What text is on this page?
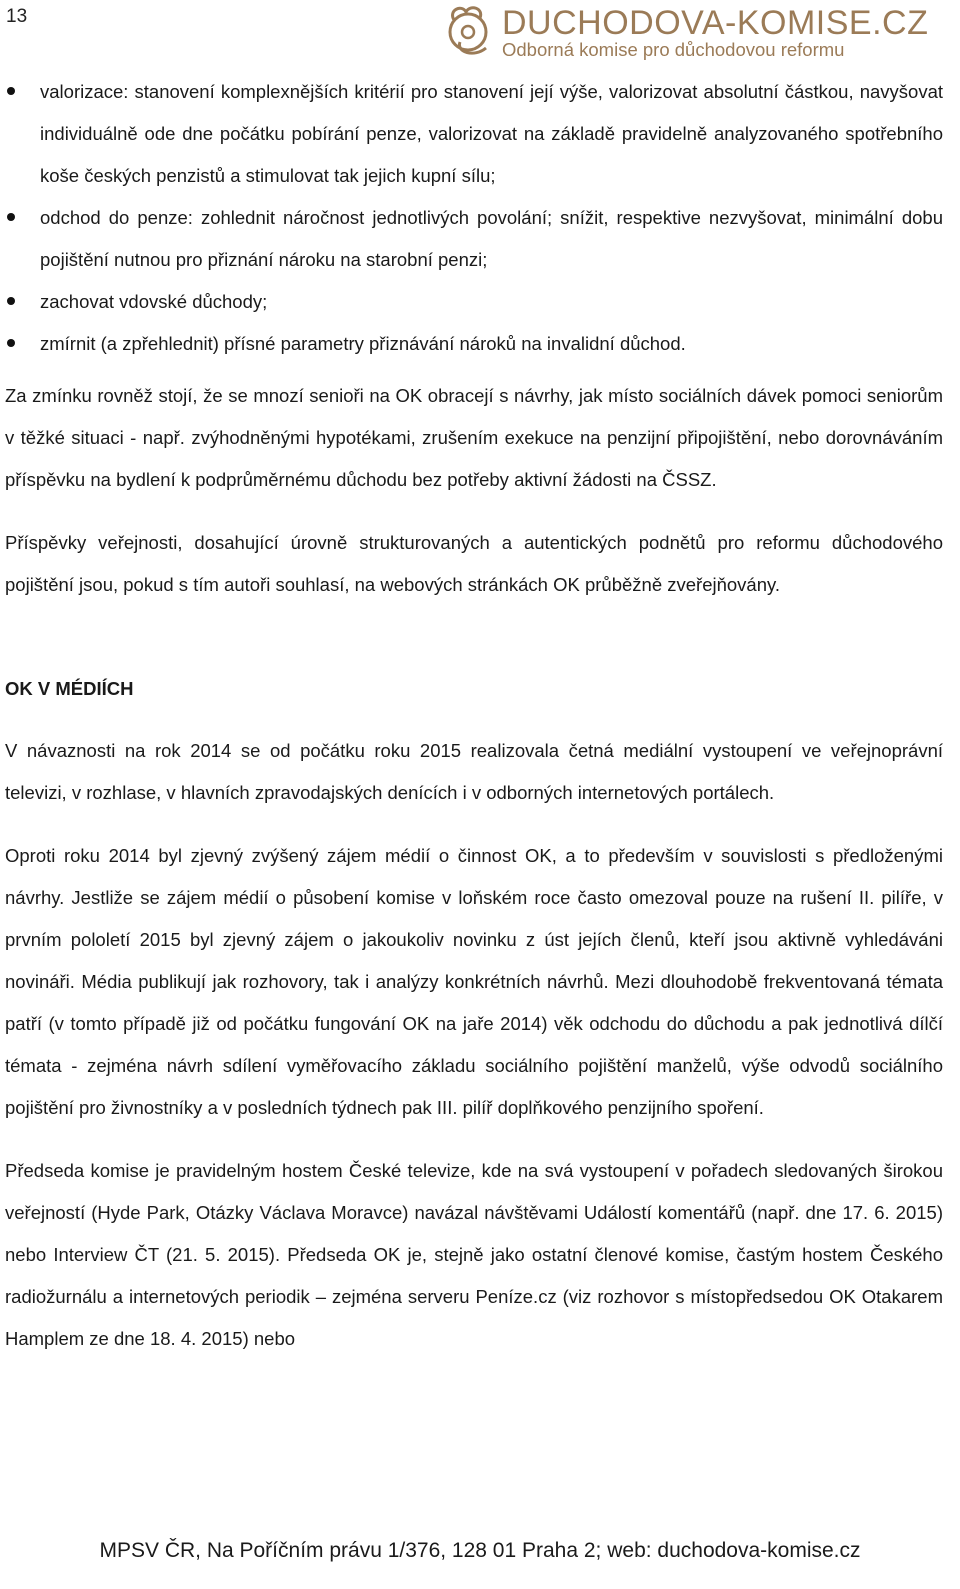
13	DUCHODOVA-KOMISE.CZ
Odborná komise pro důchodovou reformu
valorizace: stanovení komplexnějších kritérií pro stanovení její výše, valorizovat absolutní částkou, navyšovat individuálně ode dne počátku pobírání penze, valorizovat na základě pravidelně analyzovaného spotřebního koše českých penzistů a stimulovat tak jejich kupní sílu;
odchod do penze: zohlednit náročnost jednotlivých povolání; snížit, respektive nezvyšovat, minimální dobu pojištění nutnou pro přiznání nároku na starobní penzi;
zachovat vdovské důchody;
zmírnit (a zpřehlednit) přísné parametry přiznávání nároků na invalidní důchod.

Za zmínku rovněž stojí, že se mnozí senioři na OK obracejí s návrhy, jak místo sociálních dávek pomoci seniorům v těžké situaci - např. zvýhodněnými hypotékami, zrušením exekuce na penzijní připojištění, nebo dorovnáváním příspěvku na bydlení k podprůměrnému důchodu bez potřeby aktivní žádosti na ČSSZ.

Příspěvky veřejnosti, dosahující úrovně strukturovaných a autentických podnětů pro reformu důchodového pojištění jsou, pokud s tím autoři souhlasí, na webových stránkách OK průběžně zveřejňovány.

OK V MÉDIÍCH

V návaznosti na rok 2014 se od počátku roku 2015 realizovala četná mediální vystoupení ve veřejnoprávní televizi, v rozhlase, v hlavních zpravodajských denících i v odborných internetových portálech.

Oproti roku 2014 byl zjevný zvýšený zájem médií o činnost OK, a to především v souvislosti s předloženými návrhy. Jestliže se zájem médií o působení komise v loňském roce často omezoval pouze na rušení II. pilíře, v prvním pololetí 2015 byl zjevný zájem o jakoukoliv novinku z úst jejích členů, kteří jsou aktivně vyhledáváni novináři. Média publikují jak rozhovory, tak i analýzy konkrétních návrhů. Mezi dlouhodobě frekventovaná témata patří (v tomto případě již od počátku fungování OK na jaře 2014) věk odchodu do důchodu a pak jednotlivá dílčí témata - zejména návrh sdílení vyměřovacího základu sociálního pojištění manželů, výše odvodů sociálního pojištění pro živnostníky a v posledních týdnech pak III. pilíř doplňkového penzijního spoření.

Předseda komise je pravidelným hostem České televize, kde na svá vystoupení v pořadech sledovaných širokou veřejností (Hyde Park, Otázky Václava Moravce) navázal návštěvami Událostí komentářů (např. dne 17. 6. 2015) nebo Interview ČT (21. 5. 2015). Předseda OK je, stejně jako ostatní členové komise, častým hostem Českého radiožurnálu a internetových periodik – zejména serveru Peníze.cz (viz rozhovor s místopředsedou OK Otakarem Hamplem ze dne 18. 4. 2015) nebo

MPSV ČR, Na Poříčním právu 1/376, 128 01 Praha 2; web: duchodova-komise.cz
